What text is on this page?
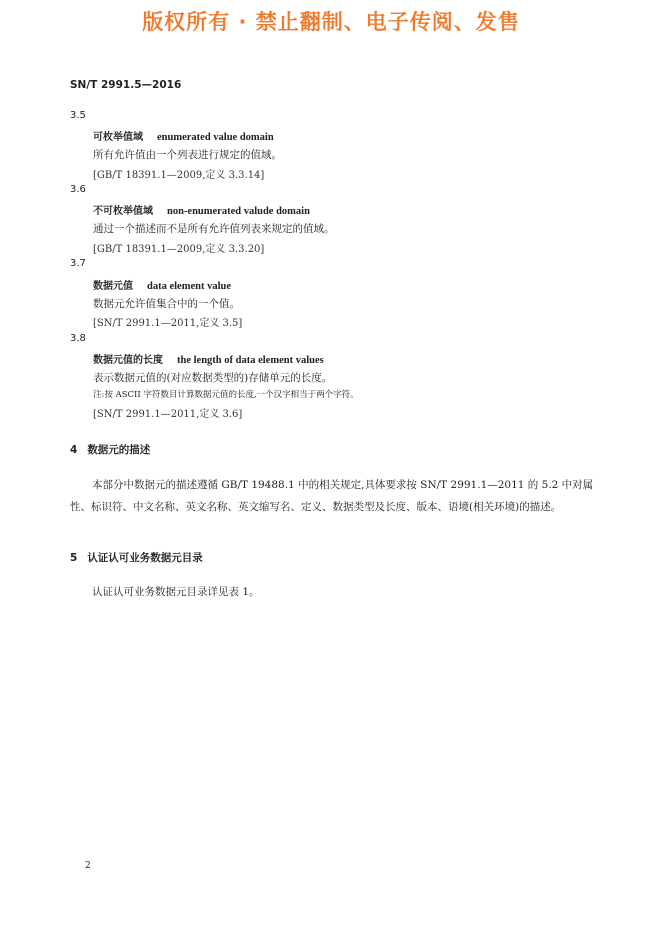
版权所有 · 禁止翻制、电子传阅、发售
SN/T 2991.5—2016
3.5
可枚举值域 enumerated value domain
所有允许值由一个列表进行规定的值域。
[GB/T 18391.1—2009,定义 3.3.14]
3.6
不可枚举值域 non-enumerated valude domain
通过一个描述而不是所有允许值列表来规定的值域。
[GB/T 18391.1—2009,定义 3.3.20]
3.7
数据元值 data element value
数据元允许值集合中的一个值。
[SN/T 2991.1—2011,定义 3.5]
3.8
数据元值的长度 the length of data element values
表示数据元值的(对应数据类型的)存储单元的长度。
注:按 ASCII 字符数目计算数据元值的长度,一个汉字相当于两个字符。
[SN/T 2991.1—2011,定义 3.6]
4 数据元的描述
本部分中数据元的描述遵循 GB/T 19488.1 中的相关规定,具体要求按 SN/T 2991.1—2011 的 5.2 中对属性、标识符、中文名称、英文名称、英文缩写名、定义、数据类型及长度、版本、语境(相关环境)的描述。
5 认证认可业务数据元目录
认证认可业务数据元目录详见表 1。
2
